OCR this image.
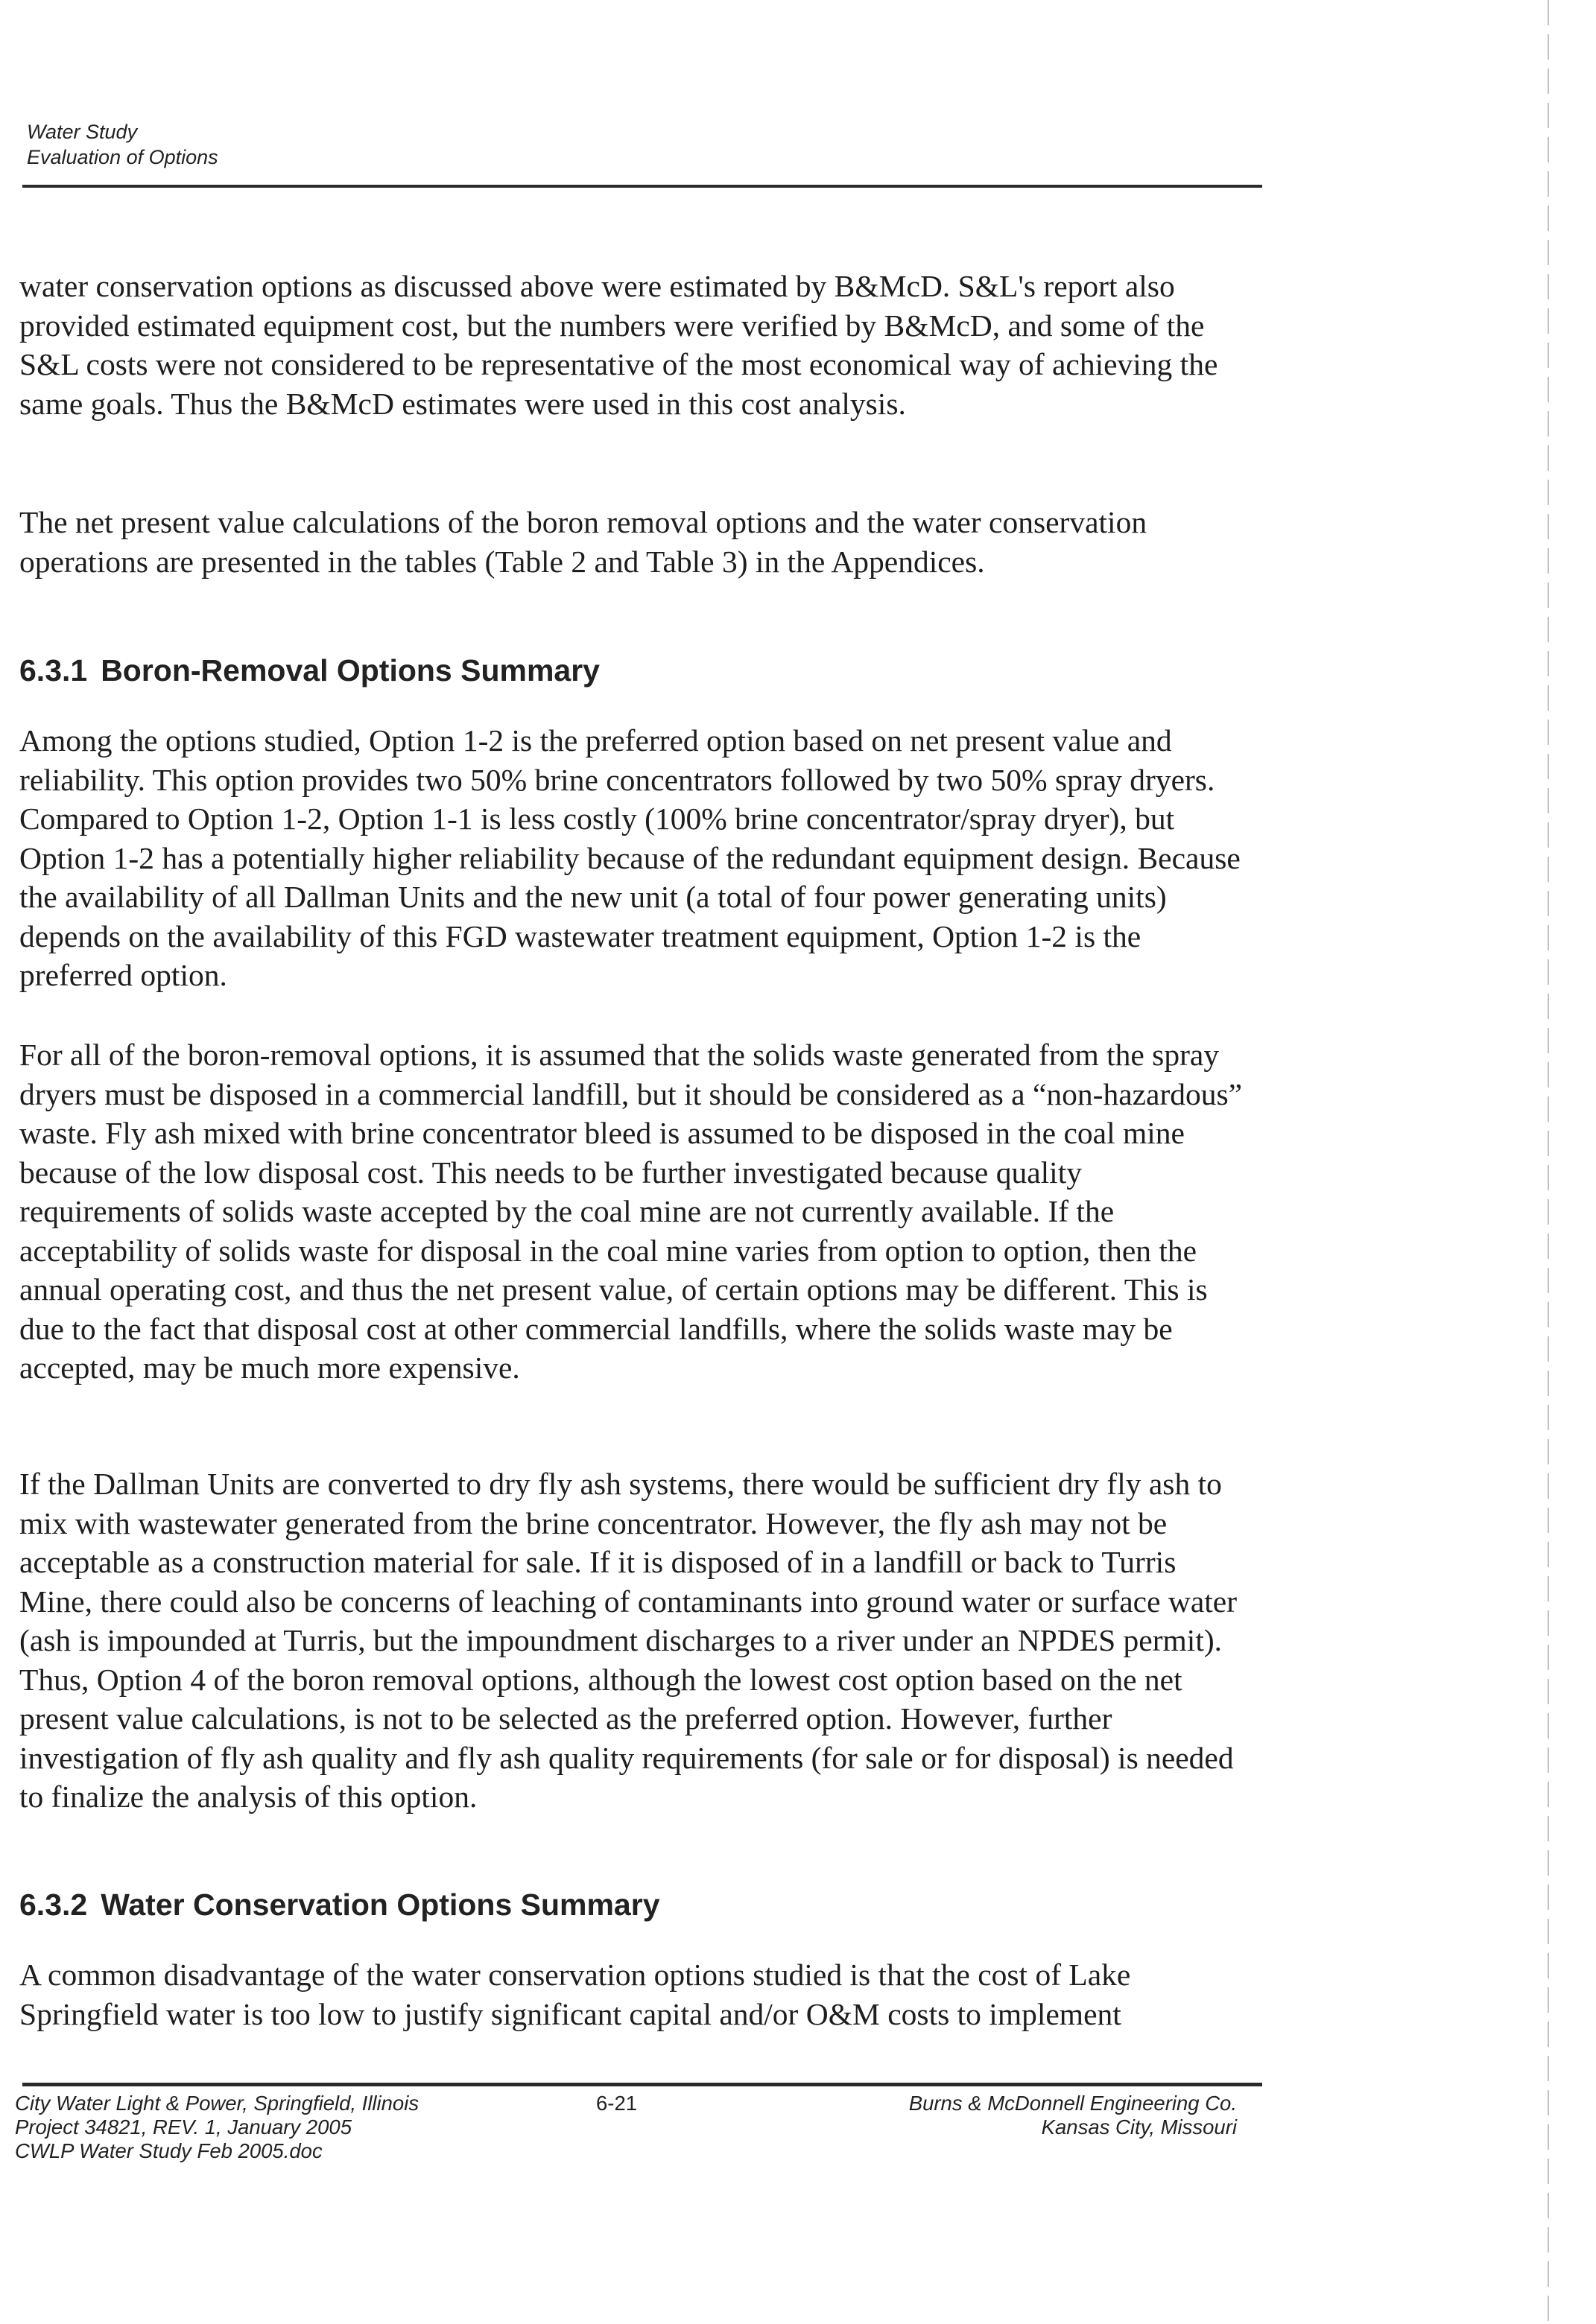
Water Study
Evaluation of Options

water conservation options as discussed above were estimated by B&McD. S&L's report also provided estimated equipment cost, but the numbers were verified by B&McD, and some of the S&L costs were not considered to be representative of the most economical way of achieving the same goals. Thus the B&McD estimates were used in this cost analysis.

The net present value calculations of the boron removal options and the water conservation operations are presented in the tables (Table 2 and Table 3) in the Appendices.

6.3.1 Boron-Removal Options Summary

Among the options studied, Option 1-2 is the preferred option based on net present value and reliability. This option provides two 50% brine concentrators followed by two 50% spray dryers. Compared to Option 1-2, Option 1-1 is less costly (100% brine concentrator/spray dryer), but Option 1-2 has a potentially higher reliability because of the redundant equipment design. Because the availability of all Dallman Units and the new unit (a total of four power generating units) depends on the availability of this FGD wastewater treatment equipment, Option 1-2 is the preferred option.

For all of the boron-removal options, it is assumed that the solids waste generated from the spray dryers must be disposed in a commercial landfill, but it should be considered as a “non-hazardous” waste. Fly ash mixed with brine concentrator bleed is assumed to be disposed in the coal mine because of the low disposal cost. This needs to be further investigated because quality requirements of solids waste accepted by the coal mine are not currently available. If the acceptability of solids waste for disposal in the coal mine varies from option to option, then the annual operating cost, and thus the net present value, of certain options may be different. This is due to the fact that disposal cost at other commercial landfills, where the solids waste may be accepted, may be much more expensive.

If the Dallman Units are converted to dry fly ash systems, there would be sufficient dry fly ash to mix with wastewater generated from the brine concentrator. However, the fly ash may not be acceptable as a construction material for sale. If it is disposed of in a landfill or back to Turris Mine, there could also be concerns of leaching of contaminants into ground water or surface water (ash is impounded at Turris, but the impoundment discharges to a river under an NPDES permit). Thus, Option 4 of the boron removal options, although the lowest cost option based on the net present value calculations, is not to be selected as the preferred option. However, further investigation of fly ash quality and fly ash quality requirements (for sale or for disposal) is needed to finalize the analysis of this option.

6.3.2 Water Conservation Options Summary

A common disadvantage of the water conservation options studied is that the cost of Lake Springfield water is too low to justify significant capital and/or O&M costs to implement

City Water Light & Power, Springfield, Illinois
Project 34821, REV. 1, January 2005
CWLP Water Study Feb 2005.doc
6-21	Burns & McDonnell Engineering Co.
Kansas City, Missouri
